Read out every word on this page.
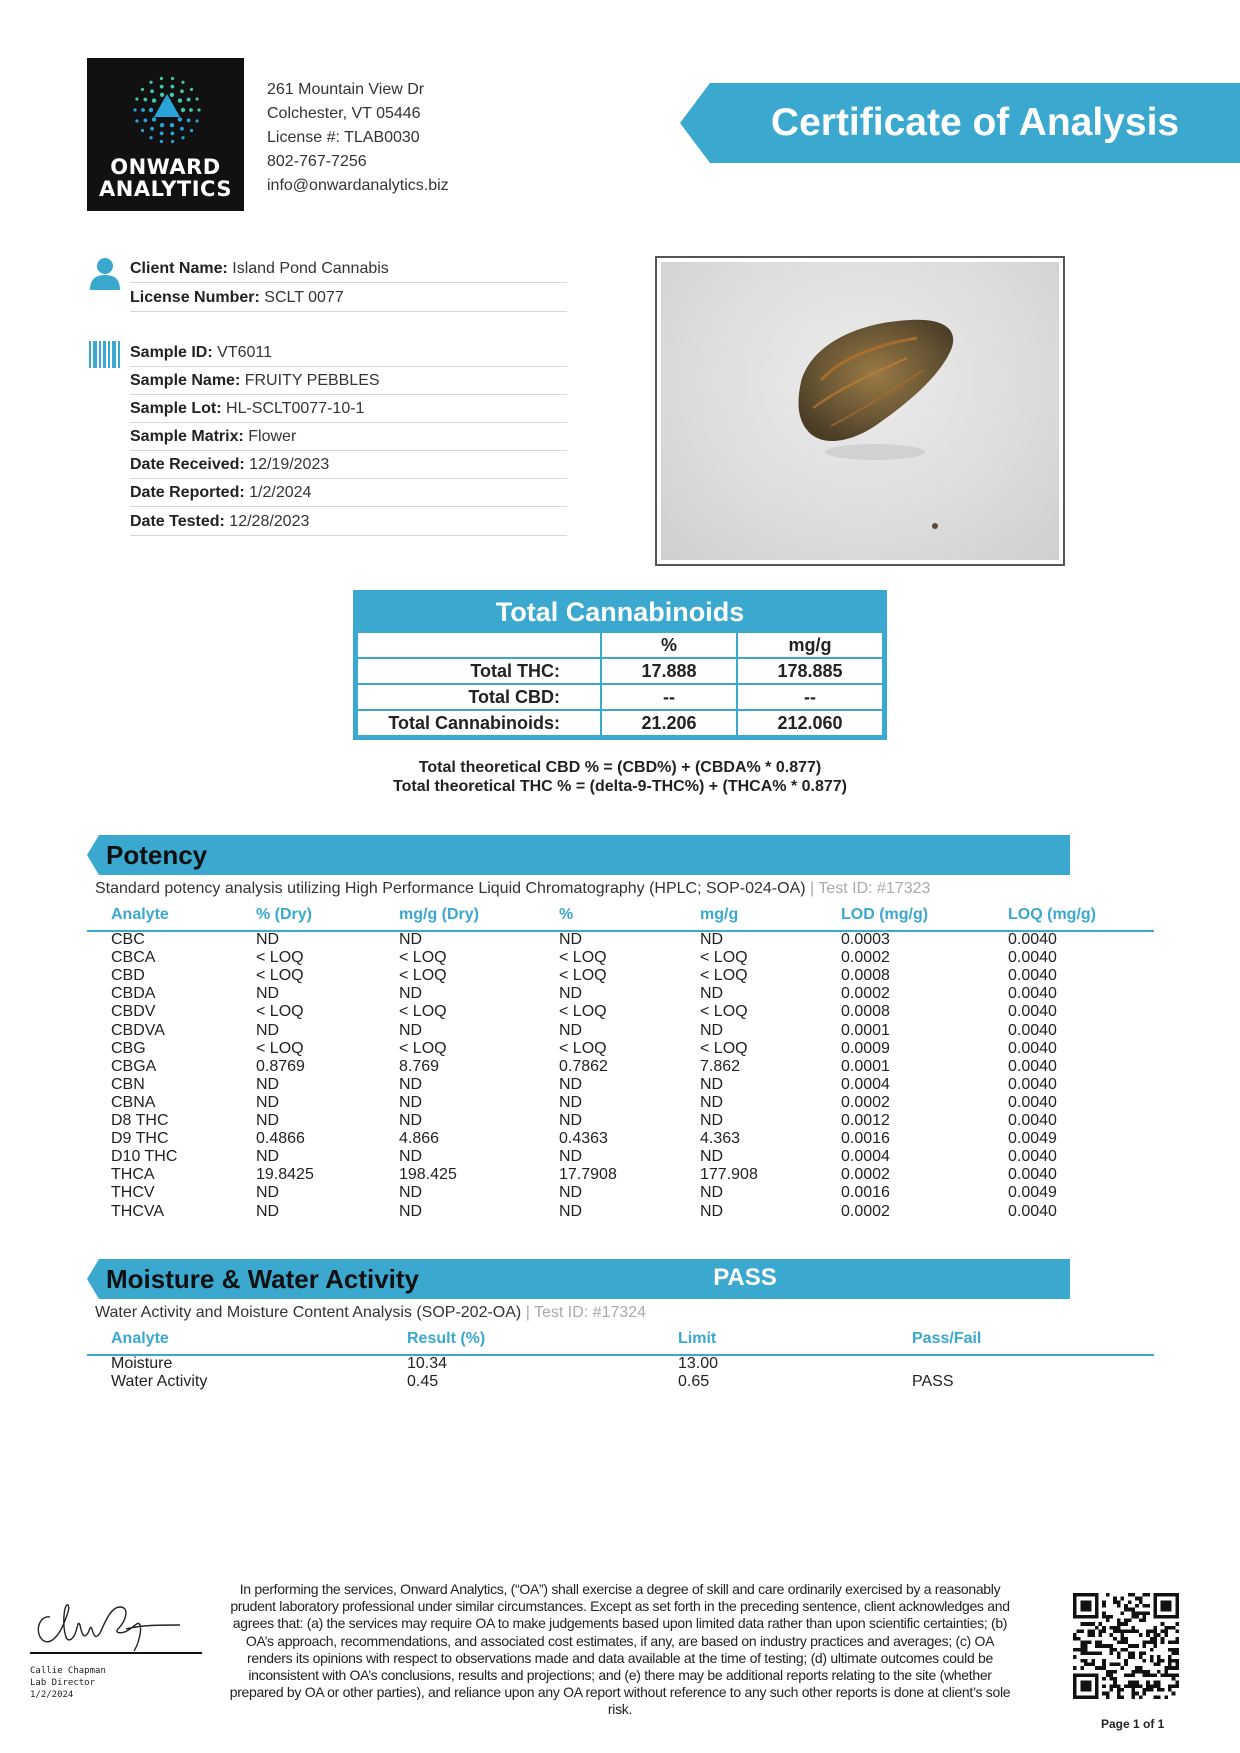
ONWARD
ANALYTICS
261 Mountain View Dr
Colchester, VT 05446
License #: TLAB0030
802-767-7256
info@onwardanalytics.biz
Certificate of Analysis
Client Name: Island Pond Cannabis
License Number: SCLT 0077
Sample ID: VT6011
Sample Name: FRUITY PEBBLES
Sample Lot: HL-SCLT0077-10-1
Sample Matrix: Flower
Date Received: 12/19/2023
Date Reported: 1/2/2024
Date Tested: 12/28/2023
Total Cannabinoids
	%	mg/g
Total THC:	17.888	178.885
Total CBD:	--	--
Total Cannabinoids:	21.206	212.060
Total theoretical CBD % = (CBD%) + (CBDA% * 0.877)
Total theoretical THC % = (delta-9-THC%) + (THCA% * 0.877)
Potency
Standard potency analysis utilizing High Performance Liquid Chromatography (HPLC; SOP-024-OA) | Test ID: #17323
Analyte	% (Dry)	mg/g (Dry)	%	mg/g	LOD (mg/g)	LOQ (mg/g)
CBC	ND	ND	ND	ND	0.0003	0.0040
CBCA	< LOQ	< LOQ	< LOQ	< LOQ	0.0002	0.0040
CBD	< LOQ	< LOQ	< LOQ	< LOQ	0.0008	0.0040
CBDA	ND	ND	ND	ND	0.0002	0.0040
CBDV	< LOQ	< LOQ	< LOQ	< LOQ	0.0008	0.0040
CBDVA	ND	ND	ND	ND	0.0001	0.0040
CBG	< LOQ	< LOQ	< LOQ	< LOQ	0.0009	0.0040
CBGA	0.8769	8.769	0.7862	7.862	0.0001	0.0040
CBN	ND	ND	ND	ND	0.0004	0.0040
CBNA	ND	ND	ND	ND	0.0002	0.0040
D8 THC	ND	ND	ND	ND	0.0012	0.0040
D9 THC	0.4866	4.866	0.4363	4.363	0.0016	0.0049
D10 THC	ND	ND	ND	ND	0.0004	0.0040
THCA	19.8425	198.425	17.7908	177.908	0.0002	0.0040
THCV	ND	ND	ND	ND	0.0016	0.0049
THCVA	ND	ND	ND	ND	0.0002	0.0040
Moisture & Water Activity	PASS
Water Activity and Moisture Content Analysis (SOP-202-OA) | Test ID: #17324
Analyte	Result (%)	Limit	Pass/Fail
Moisture	10.34	13.00
Water Activity	0.45	0.65	PASS
Callie Chapman
Lab Director
1/2/2024
In performing the services, Onward Analytics, (“OA”) shall exercise a degree of skill and care ordinarily exercised by a reasonably prudent laboratory professional under similar circumstances. Except as set forth in the preceding sentence, client acknowledges and agrees that: (a) the services may require OA to make judgements based upon limited data rather than upon scientific certainties; (b) OA’s approach, recommendations, and associated cost estimates, if any, are based on industry practices and averages; (c) OA renders its opinions with respect to observations made and data available at the time of testing; (d) ultimate outcomes could be inconsistent with OA’s conclusions, results and projections; and (e) there may be additional reports relating to the site (whether prepared by OA or other parties), and reliance upon any OA report without reference to any such other reports is done at client’s sole risk.
Page 1 of 1
